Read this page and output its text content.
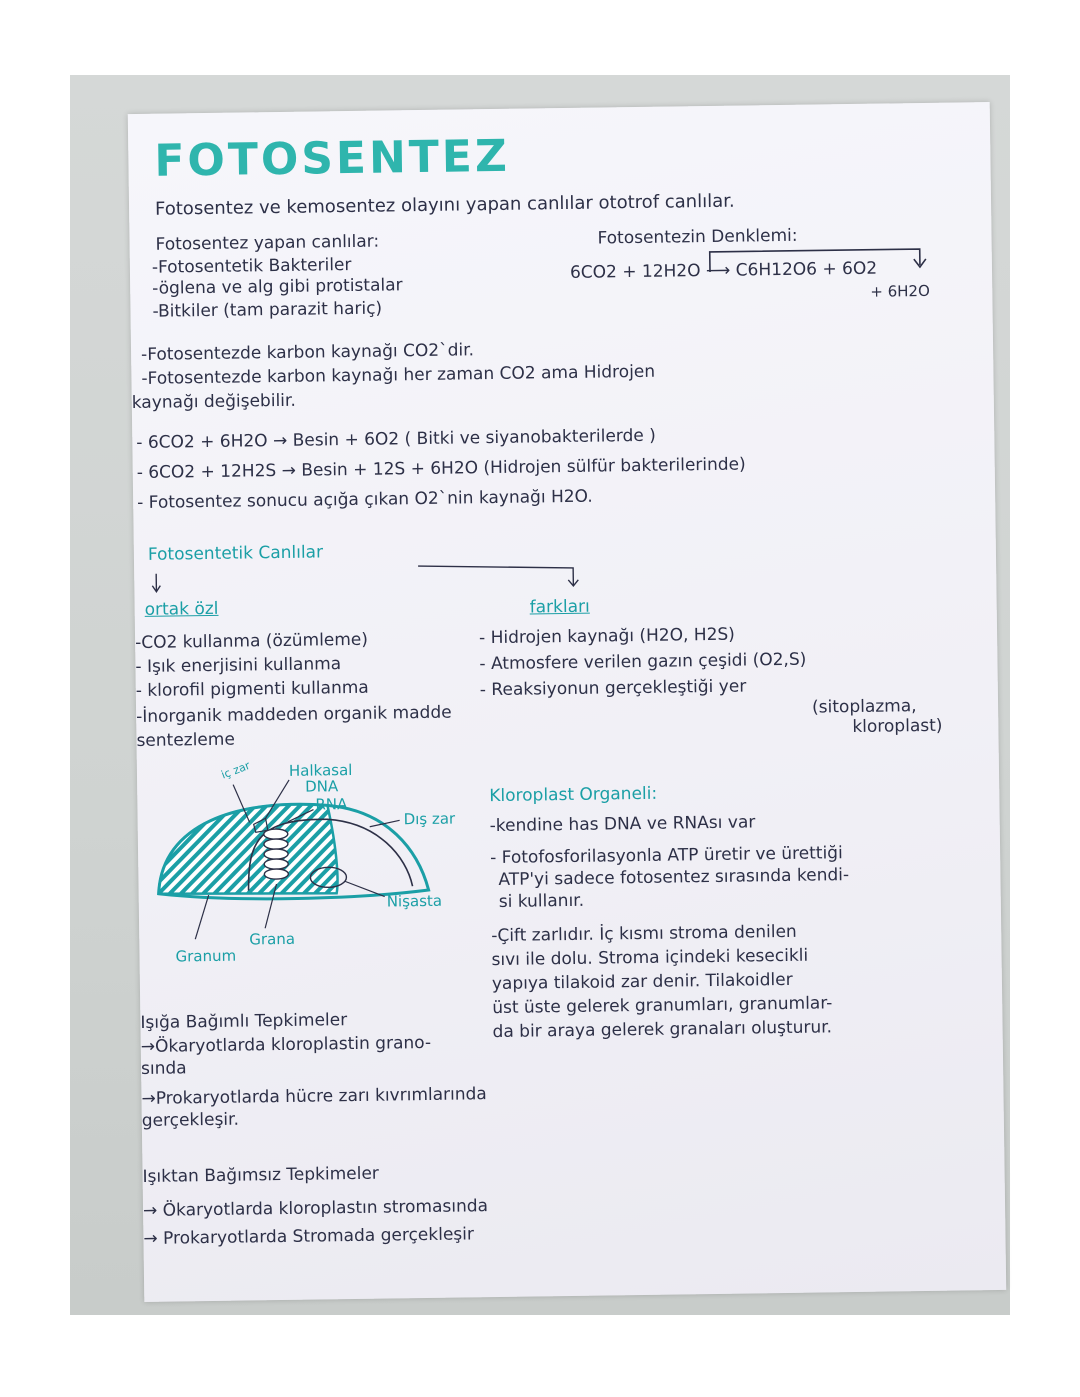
FOTOSENTEZ
Fotosentez ve kemosentez olayını yapan canlılar ototrof canlılar.
Fotosentez yapan canlılar:
-Fotosentetik Bakteriler
-öglena ve alg gibi protistalar
-Bitkiler (tam parazit hariç)
Fotosentezin Denklemi:
6CO2 + 12H2O ⟶ C6H12O6 + 6O2
+ 6H2O
-Fotosentezde karbon kaynağı CO2`dir.
-Fotosentezde karbon kaynağı her zaman CO2 ama Hidrojen
kaynağı değişebilir.
- 6CO2 + 6H2O → Besin + 6O2 ( Bitki ve siyanobakterilerde )
- 6CO2 + 12H2S → Besin + 12S + 6H2O (Hidrojen sülfür bakterilerinde)
- Fotosentez sonucu açığa çıkan O2`nin kaynağı H2O.
Fotosentetik Canlılar
ortak özl
-CO2 kullanma (özümleme)
- Işık enerjisini kullanma
- klorofil pigmenti kullanma
-İnorganik maddeden organik madde
sentezleme
farkları
- Hidrojen kaynağı (H2O, H2S)
- Atmosfere verilen gazın çeşidi (O2,S)
- Reaksiyonun gerçekleştiği yer
(sitoplazma,
kloroplast)
iç zar Halkasal
DNA
RNA
Dış zar
Nişasta
Grana
Granum
Kloroplast Organeli:
-kendine has DNA ve RNAsı var
- Fotofosforilasyonla ATP üretir ve ürettiği
ATP'yi sadece fotosentez sırasında kendi-
si kullanır.
-Çift zarlıdır. İç kısmı stroma denilen
sıvı ile dolu. Stroma içindeki kesecikli
yapıya tilakoid zar denir. Tilakoidler
üst üste gelerek granumları, granumlar-
da bir araya gelerek granaları oluşturur.
Işığa Bağımlı Tepkimeler
→Ökaryotlarda kloroplastin grano-
sında
→Prokaryotlarda hücre zarı kıvrımlarında
gerçekleşir.
Işıktan Bağımsız Tepkimeler
→ Ökaryotlarda kloroplastın stromasında
→ Prokaryotlarda Stromada gerçekleşir
